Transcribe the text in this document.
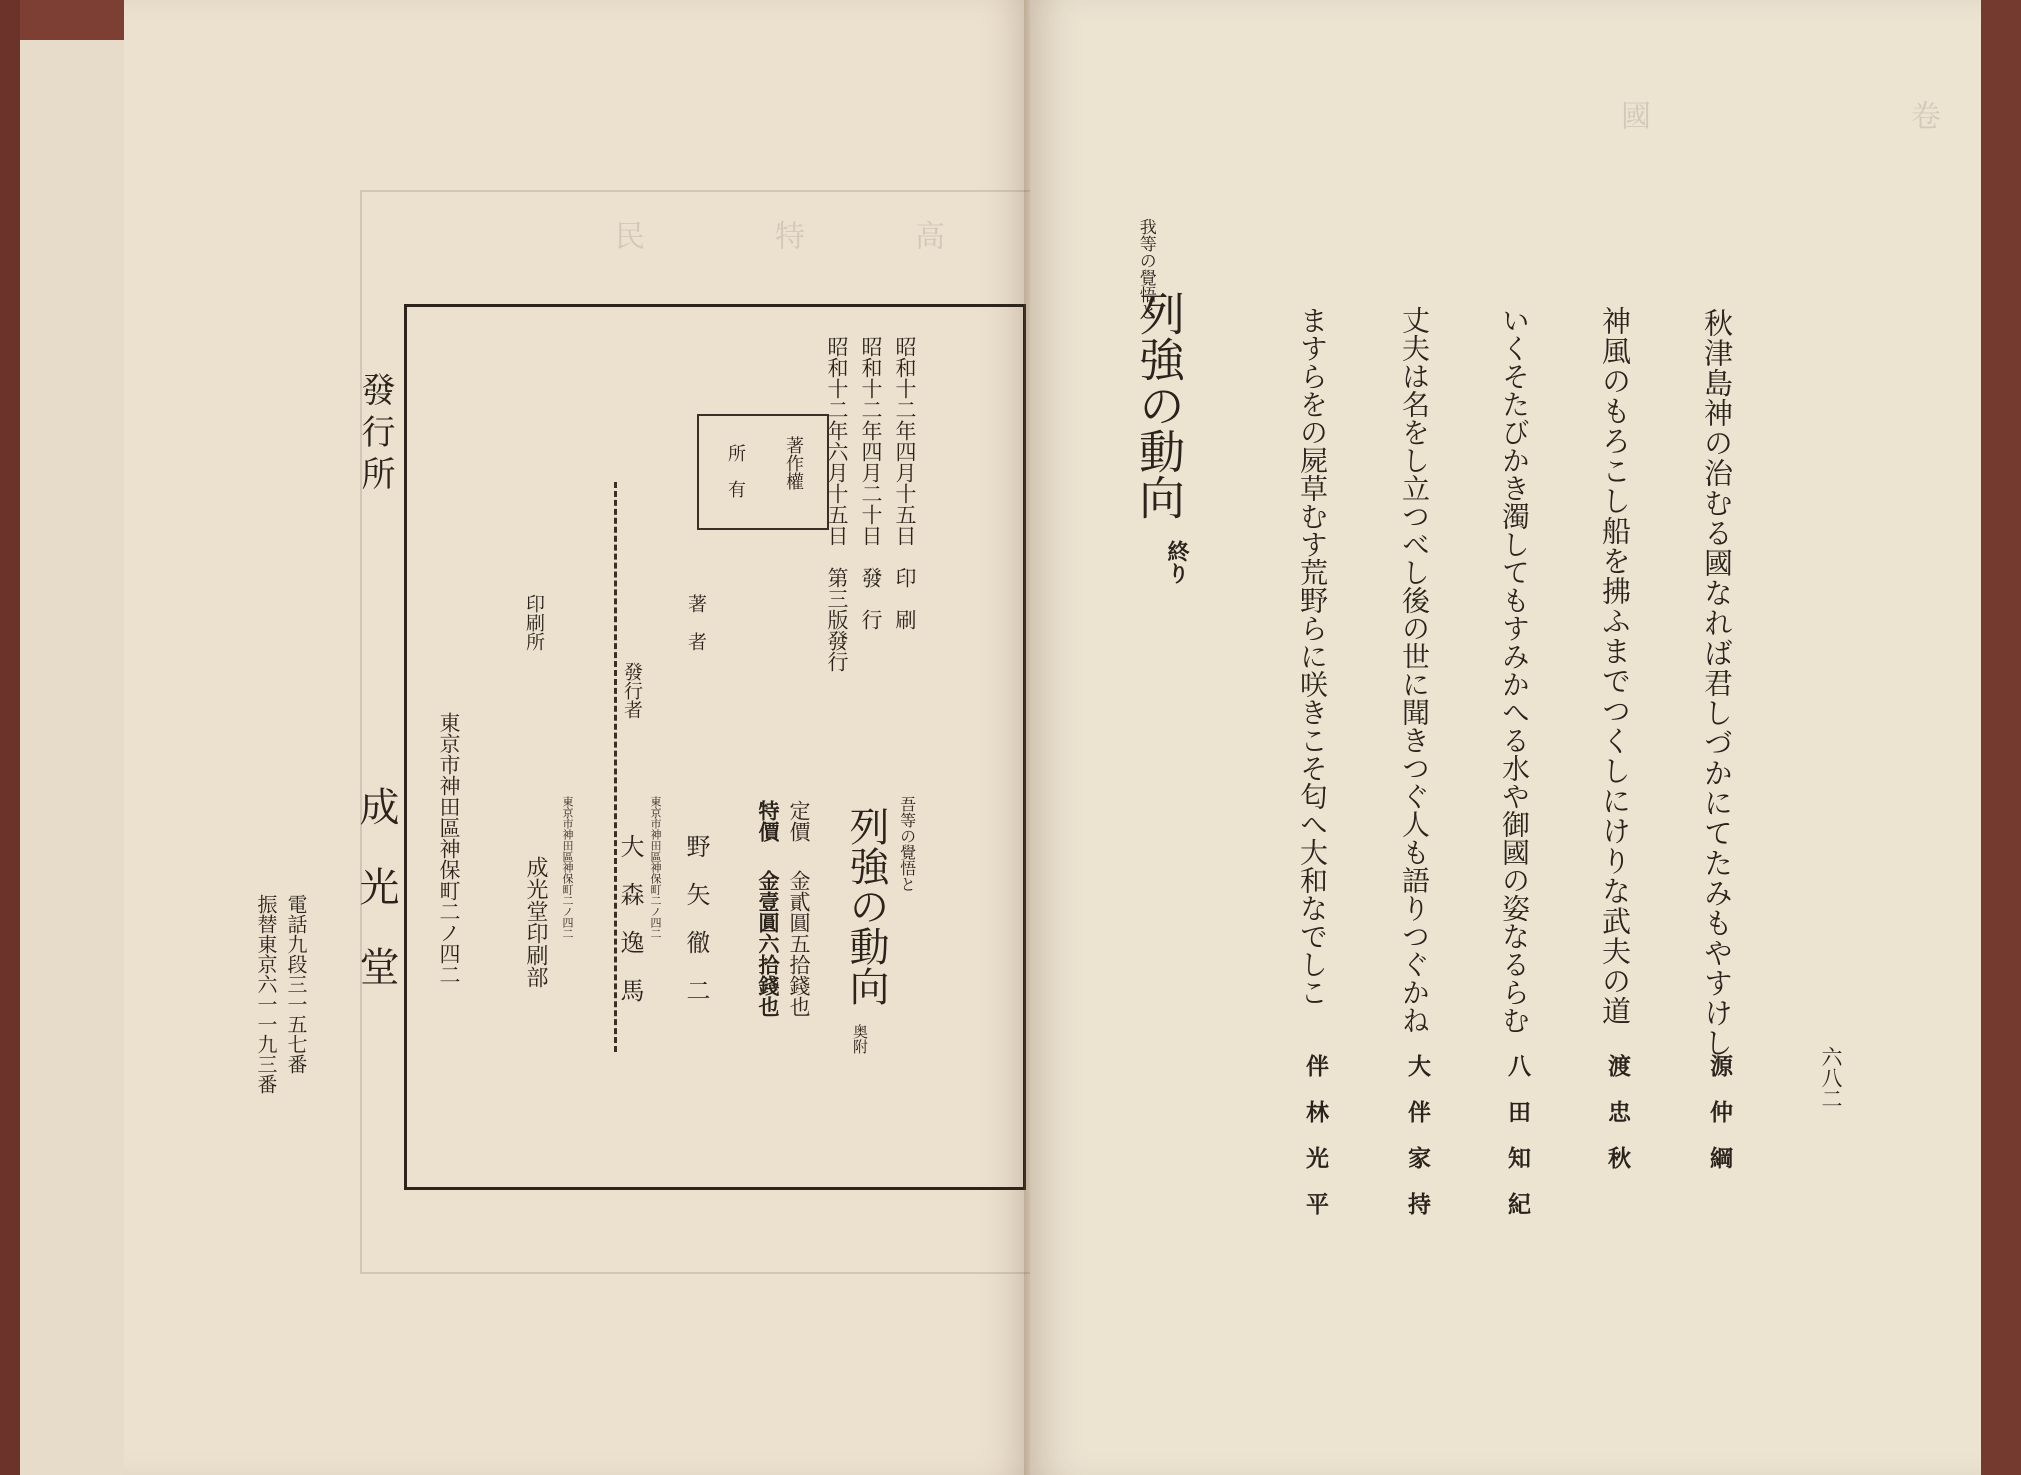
高
特
民
昭和十二年四月十五日　印　刷
昭和十二年四月二十日　發　行
昭和十二年六月十五日　第三版發行
吾等の覺悟と
列強の動向
奥附
定價
金貳圓五拾錢也
特價
金壹圓六拾錢也
著作權
所有
著　者
野　矢　徹　二
發行者
東京市神田區神保町二ノ四二
大　森　逸　馬
印刷所
東京市神田區神保町二ノ四二
成光堂印刷部
發行所
東京市神田區神保町二ノ四二
成　光　堂
電話九段三一五七番
振替東京六一一九三番
卷
國
六八二
秋津島神の治むる國なれば君しづかにてたみもやすけし
源　仲　綱
神風のもろこし船を拂ふまでつくしにけりな武夫の道
渡　忠　秋
いくそたびかき濁してもすみかへる水や御國の姿なるらむ
八　田　知　紀
丈夫は名をし立つべし後の世に聞きつぐ人も語りつぐかね
大　伴　家　持
ますらをの屍草むす荒野らに咲きこそ匂へ大和なでしこ
伴　林　光　平
我等の覺悟と
列強の動向
終り
